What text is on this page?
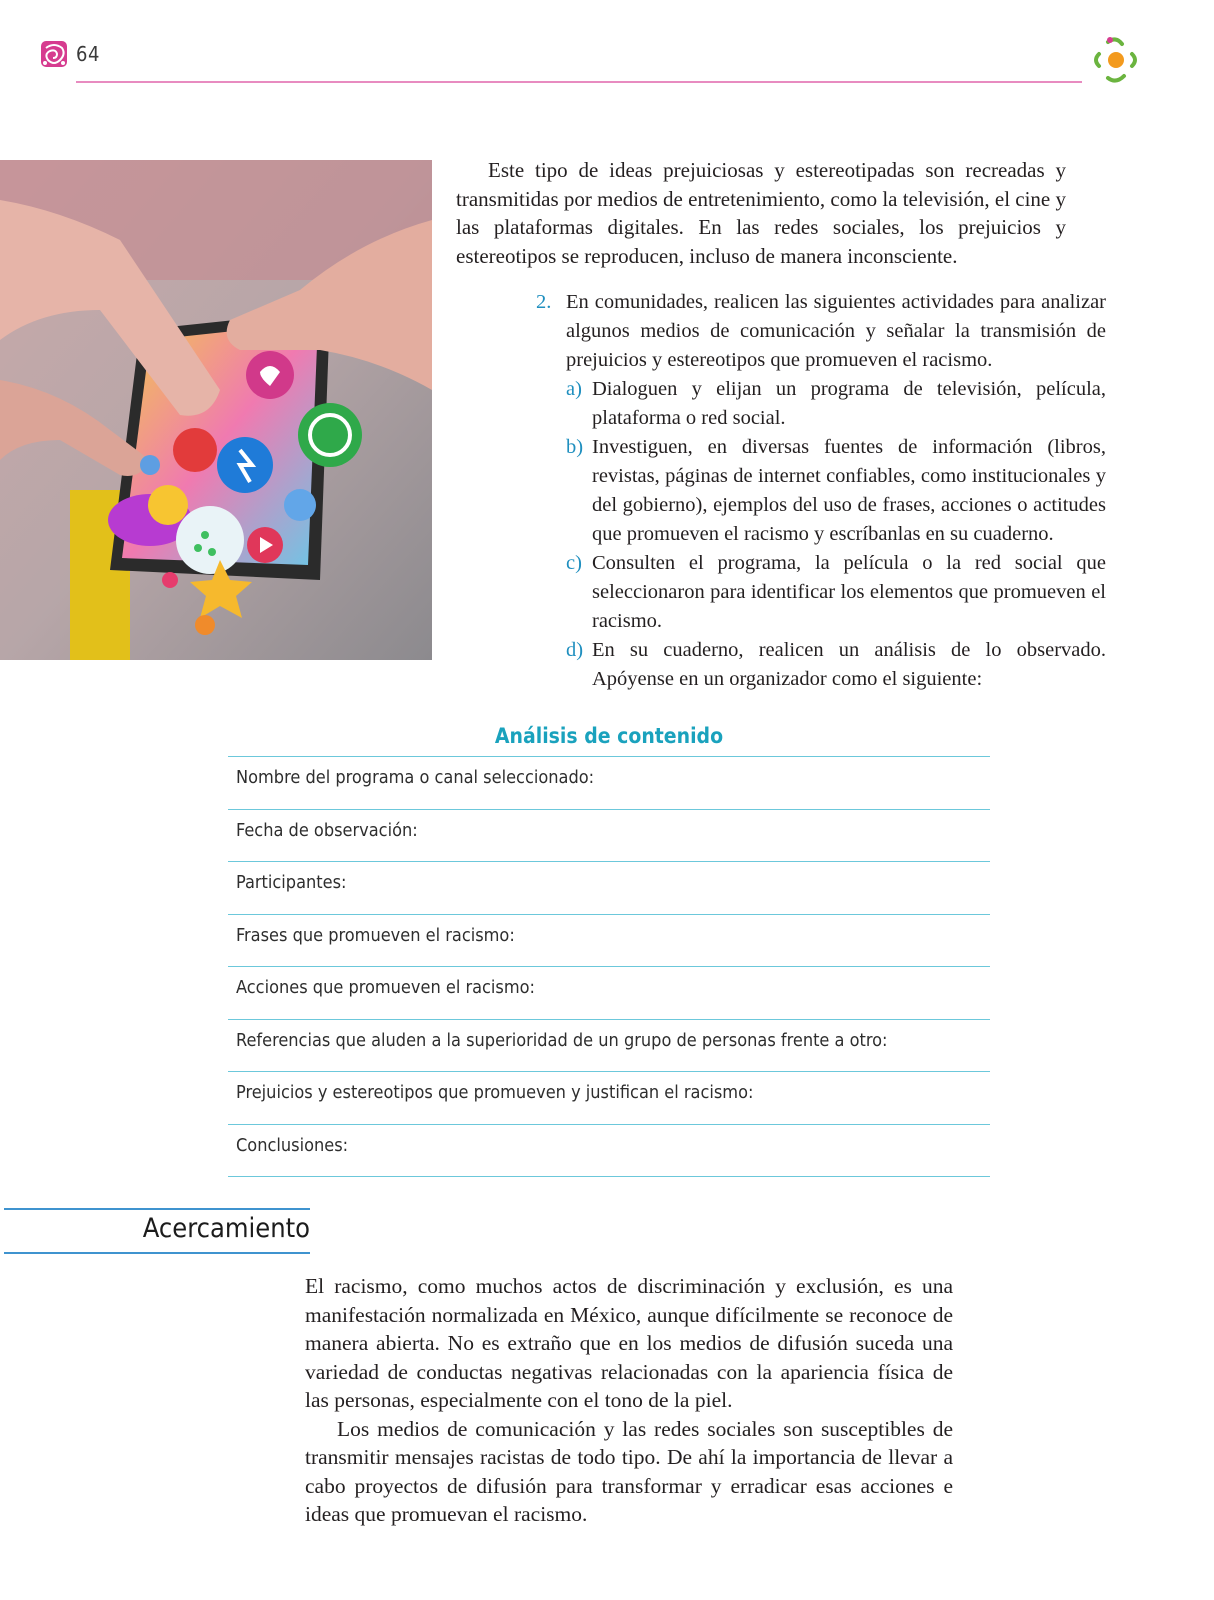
64

Este tipo de ideas prejuiciosas y estereotipadas son recreadas y transmitidas por medios de entretenimiento, como la televisión, el cine y las plataformas digitales. En las redes sociales, los prejuicios y estereotipos se reproducen, incluso de manera inconsciente.

2. En comunidades, realicen las siguientes actividades para analizar algunos medios de comunicación y señalar la transmisión de prejuicios y estereotipos que promueven el racismo.
a) Dialoguen y elijan un programa de televisión, película, plataforma o red social.
b) Investiguen, en diversas fuentes de información (libros, revistas, páginas de internet confiables, como institucionales y del gobierno), ejemplos del uso de frases, acciones o actitudes que promueven el racismo y escríbanlas en su cuaderno.
c) Consulten el programa, la película o la red social que seleccionaron para identificar los elementos que promueven el racismo.
d) En su cuaderno, realicen un análisis de lo observado. Apóyense en un organizador como el siguiente:
Análisis de contenido
Nombre del programa o canal seleccionado:
Fecha de observación:
Participantes:
Frases que promueven el racismo:
Acciones que promueven el racismo:
Referencias que aluden a la superioridad de un grupo de personas frente a otro:
Prejuicios y estereotipos que promueven y justifican el racismo:
Conclusiones:
Acercamiento

El racismo, como muchos actos de discriminación y exclusión, es una manifestación normalizada en México, aunque difícilmente se reconoce de manera abierta. No es extraño que en los medios de difusión suceda una variedad de conductas negativas relacionadas con la apariencia física de las personas, especialmente con el tono de la piel.

Los medios de comunicación y las redes sociales son susceptibles de transmitir mensajes racistas de todo tipo. De ahí la importancia de llevar a cabo proyectos de difusión para transformar y erradicar esas acciones e ideas que promuevan el racismo.
